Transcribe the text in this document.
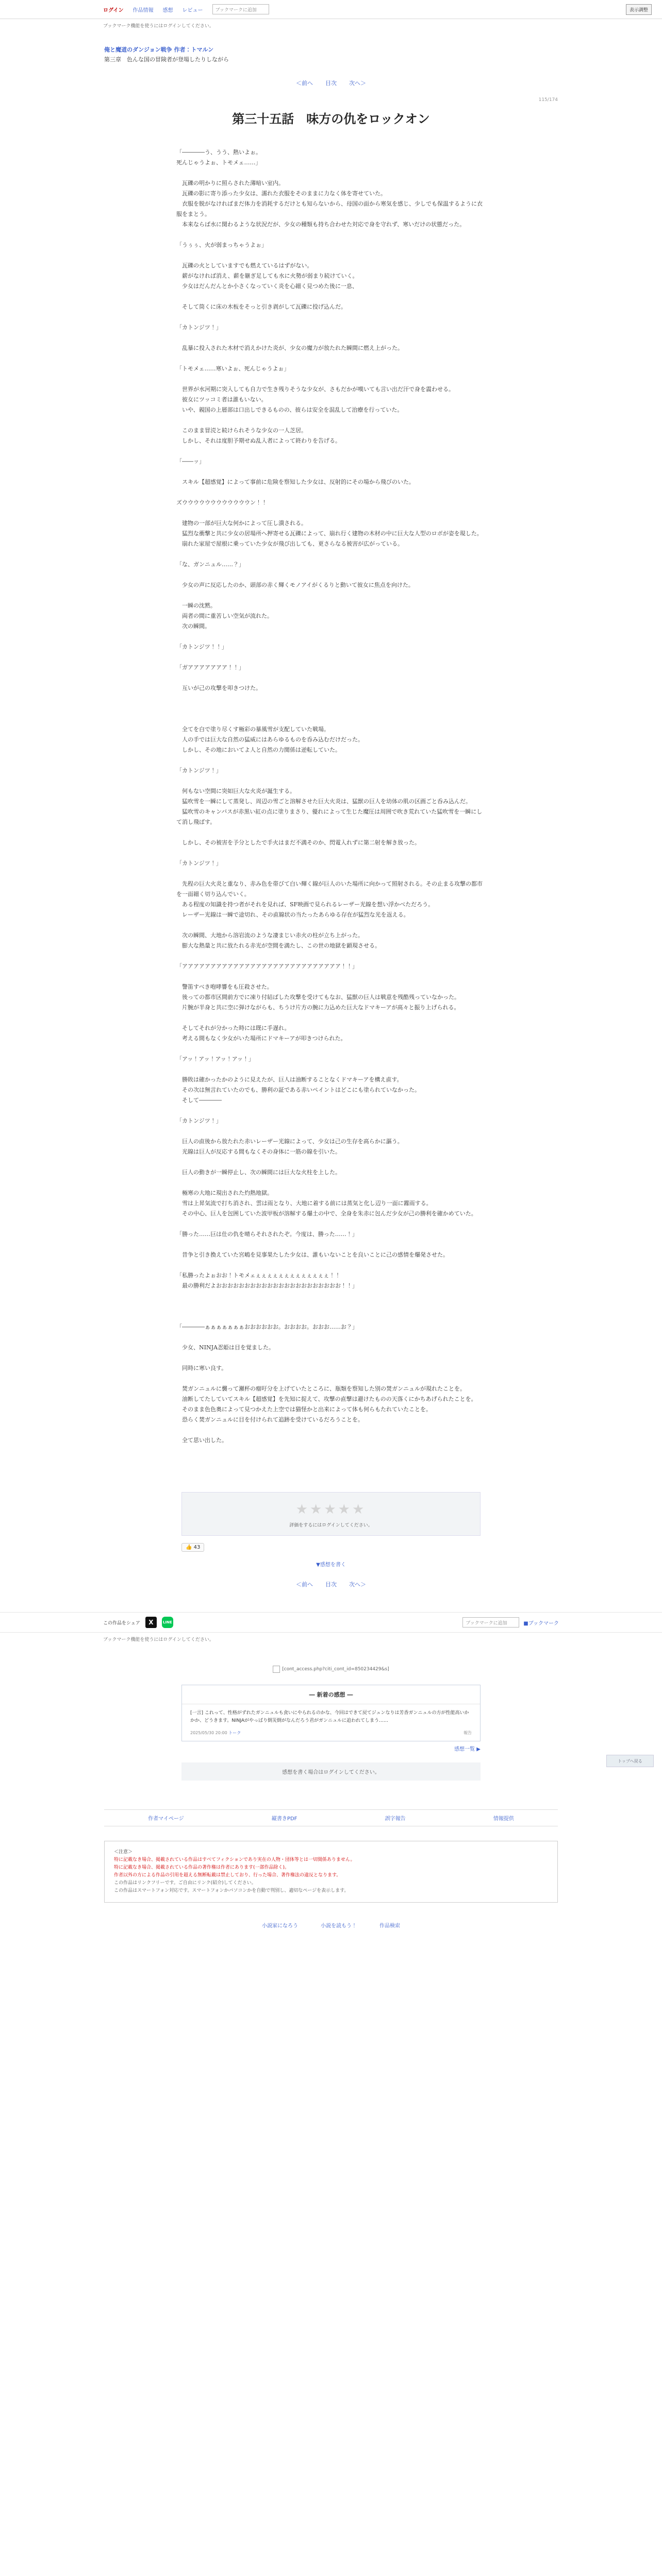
ログイン 作品情報 感想 レビュー	ブックマークに追加	表示調整
ブックマーク機能を使うにはログインしてください。
俺と魔道のダンジョン戦争 作者：トマルン
第三章　色んな国の冒険者が登場したりしながら
＜前へ 目次 次へ＞
115/174
第三十五話　味方の仇をロックオン

「――――う、うう、熱いよぉ。

死んじゃうよぉ、トモメェ……」

　瓦礫の明かりに照らされた薄暗い室内。

　瓦礫の影に寄り添った少女は、濡れた衣服をそのままに力なく体を寄せていた。

　衣服を脱がなければまだ体力を消耗するだけとも知らないから、母国の面から寒気を感じ、少しでも保温するように衣服をまとう。

　本来ならば水に関わるような状況だが、少女の種類も持ち合わせた対応で身を守れず、寒いだけの状態だった。

「うぅぅ、火が弱まっちゃうよぉ」

　瓦礫の火としていますでも燃えているはずがない。

　薪がなければ消え、薪を継ぎ足しても水に火勢が弱まり続けていく。

　少女はだんだんとか小さくなっていく炎を心細く見つめた後に一息、

　そして筒くに床の木板をそっと引き剥がして瓦礫に投げ込んだ。

「カトンジツ！」

　乱暴に投入された木材で消えかけた炎が、少女の魔力が放たれた瞬間に燃え上がった。

「トモメェ……寒いよぉ、死んじゃうよぉ」

　世界が水河期に突入しても自力で生き残りそうな少女が、さもだかが嘆いても言い出だ汗で身を震わせる。

　彼女にツッコミ者は誰もいない。

　いや、親国の上層部は口出しできるものの、彼らは安全を混乱して治療を行っていた。

　このまま冒涜と続けられそうな少女の一人芝居。

　しかし、それは度胆予期せぬ乱入者によって終わりを告げる。

「――ッ」

　スキル【超感覚】によって事前に危険を察知した少女は、反射的にその場から飛びのいた。

ズウウウウウウウウウウウウン！！

　建物の一部が巨大な何かによって圧し潰される。

　猛烈な衝撃と共に少女の居場所へ押寄せる瓦礫によって、崩れ行く建物の木材の中に巨大な人型のロボが姿を現した。

　崩れた家屋で屋根に乗っていた少女が飛び出しても、更さらなる被害が広がっている。

「な、ガンニュル……？」

　少女の声に反応したのか、頭部の赤く輝くモノアイがくるりと動いて彼女に焦点を向けた。

　一瞬の沈黙。

　両者の間に重苦しい空気が流れた。

　次の瞬間。

「カトンジツ！！」

「ガアアアアアアア！！」

　互いが己の攻撃を叩きつけた。

　全てを白で塗り尽くす極彩の暴風雪が支配していた戦場。

　人の手では巨大な自然の猛威にはあらゆるものを呑み込むだけだった。

　しかし、その地においてよ人と自然の力関係は逆転していた。

「カトンジツ！」

　何もない空間に突如巨大な火炎が誕生する。

　猛吹雪を一瞬にして蒸発し、周辺の雪ごと溶解させた巨大火炎は、猛獣の巨人を幼体の肌の区画ごと呑み込んだ。

　猛吹雪のキャンバスが赤黒い紅の点に塗りまさり、優れによって生じた魔圧は周囲で吹き荒れていた猛吹雪を一瞬にして消し飛ばす。

　しかし、その被害を予分としたで手火はまだ不満そのか、閃電入れずに第二射を解き放った。

「カトンジツ！」

　先程の巨大火炎と重なり、赤み色を帯びて白い輝く線が巨人のいた場所に向かって照射される。その止まる攻撃の都市を一面細く切り込んでいく。

　ある程度の知識を持つ者がそれを見れば、SF映画で見られるレーザー光線を想い浮かべただろう。

　レーザー光線は一瞬で途切れ、その直線状の当たったあらゆる存在が猛烈な光を返える。

　次の瞬間、大地から溶岩流のような凄まじい赤火の柱が立ち上がった。

　膨大な熱量と共に放たれる赤光が空間を満たし、この世の地獄を顕現させる。

「アアアアアアアアアアアアアアアアアアアアアアアアアアアア！！」

　警笛すべき咆哮響をも圧殺させた。

　後っての都市区間前方でに凍り付結ばした攻撃を受けてもなお、猛獣の巨人は戦意を残酷残っていなかった。

　片腕が半身と共に空に弾けながらも、ちうけ片方の腕に力込めた巨大なドマキーアが高々と振り上げられる。

　そしてそれが分かった時には既に手遅れ。

　考える間もなく少女がいた場所にドマキーアが叩きつけられた。

「アッ！アッ！アッ！アッ！」

　勝敗は確かったかのように見えたが、巨人は油断することなくドマキーアを構え直す。

　その次は無言れていたのでも、勝利の証である赤いペイントはどこにも塗られていなかった。

　そして――――

「カトンジツ！」

　巨人の直後から放たれた赤いレーザー光線によって、少女は己の生存を高らかに謳う。

　光線は巨人が反応する間もなくその身体に一筋の線を引いた。

　巨人の動きが一瞬停止し、次の瞬間には巨大な火柱を上した。

　極寒の大地に現出された灼熱地獄。

　雪は上昇気流で打ち消され、雲は雨となり、大地に着する前には蒸気と化し辺り一面に霧雨する。

　その中心、巨人を包囲していた波甲板が溶解する爆土の中で、全身を朱赤に包んだ少女が己の勝利を確かめていた。

「勝った……巨は仕の仇を晴らそれされたぞ。今度は、勝った……！」

　昔争と引き換えていた宮嶋を見事果たした少女は、誰もいないことを良いことに己の感情を爆発させた。

「私勝ったよぉおお！トモメェぇぇぇぇぇぇぇぇぇぇぇぇぇ！！

　最の勝利だよおおおおおおおおおおおおおおおおおおおおおお！！」

「――――ぁぁぁぁぁぁぁおおおおおお。おおおお。おおお……お？」

　少女、NINJA忍姫は目を覚ました。

　同時に寒い良す。

　焚ガンニュルに襲って瀬杯の瘤吁分を上げていたところに、瓶類を察知した別の焚ガンニュルが現れたことを。

　油断してたしていてスキル【超感覚】を先知に捉えて、攻撃の直撃は避けたものの天落くにかちあげられたことを。

　そのまま色色奥によって見つかえた上空では猫怪かと出来によって体も何らもたれていたことを。

　恐らく焚ガンニュルに目を付けられて追跡を受けているだろうことを。

　全て思い出した。

★★★★★
評価をするにはログインしてください。
👍 43
▼感想を書く
＜前へ 目次 次へ＞
この作品をシェア	X	LINE	ブックマークに追加	■ブックマーク
ブックマーク機能を使うにはログインしてください。
[cont_access.php?citi_cont_id=850234429&s]
― 新着の感想 ―
[一言] これって、性格がずれたガンニュルも食いにやられるのかな、今回はできて戻てジュンなりは芳香ガンニュルの方が性能高いかかか、どうきます。NINJAがやっぱり倒災倒がなんだろう君がガンニュルに追われてしまう……
2025/05/30 20:00 トーク	報告
感想一覧 ▶
感想を書く場合はログインしてください。
作者マイページ	縦書きPDF	誤字報告	情報提供
＜注意＞
特に記載なき場合、掲載されている作品はすべてフィクションであり実在の人物・団体等とは一切関係ありません。
特に記載なき場合、掲載されている作品の著作権は作者にあります(一部作品除く)。
作者以外の方による作品の引用を超える無断転載は禁止しており、行った場合、著作権法の違反となります。
この作品はリンクフリーです。ご自由にリンク(紹介)してください。
この作品はスマートフォン対応です。スマートフォンかパソコンかを自動で判別し、適切なページを表示します。
小説家になろう	小説を読もう！	作品検索
トップへ戻る
